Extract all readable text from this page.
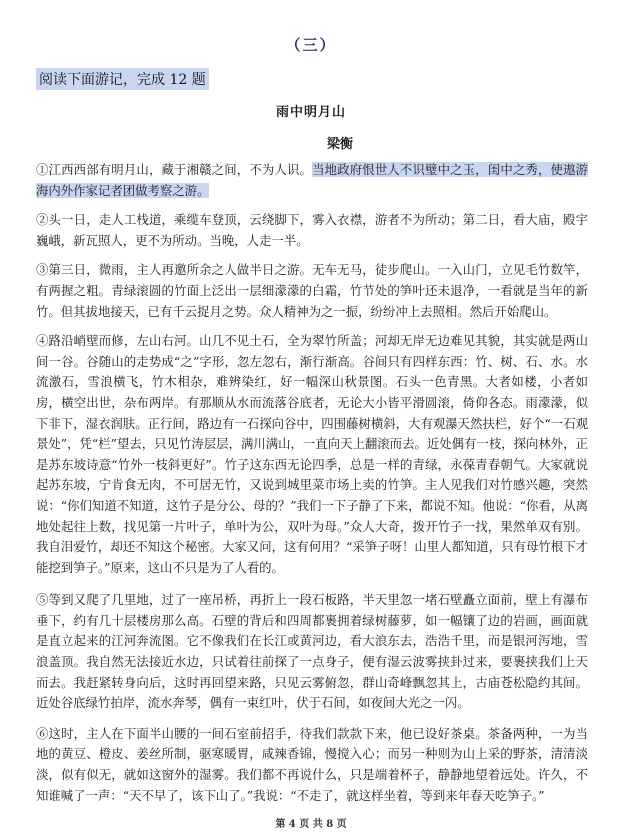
（三）
阅读下面游记，完成 12 题
雨中明月山
梁衡

①江西西部有明月山，藏于湘赣之间，不为人识。当地政府恨世人不识璧中之玉，闺中之秀，使遨游海内外作家记者团做考察之游。

②头一日，走人工栈道，乘缆车登顶，云绕脚下，雾入衣襟，游者不为所动；第二日，看大庙，殿宇巍峨，新瓦照人，更不为所动。当晚，人走一半。

③第三日，微雨，主人再邀所余之人做半日之游。无车无马，徒步爬山。一入山门，立见毛竹数竿，有两握之粗。青绿滚圆的竹面上泛出一层细濛濛的白霜，竹节处的笋叶还未退净，一看就是当年的新竹。但其拔地接天，已有千云捉月之势。众人精神为之一振，纷纷冲上去照相。然后开始爬山。

④路沿峭壁而修，左山右河。山几不见土石，全为翠竹所盖；河却无岸无边难见其貌，其实就是两山间一谷。谷随山的走势成“之”字形，忽左忽右，渐行渐高。谷间只有四样东西：竹、树、石、水。水流激石，雪浪横飞，竹木相杂，难辨染红，好一幅深山秋景图。石头一色青黑。大者如楼，小者如房，横空出世，杂布两岸。有那顺从水而流落谷底者，无论大小皆平滑圆滚，倚仰各态。雨濛濛，似下非下，湿衣润肤。正行间，路边有一石探向谷中，四围藤树横斜，大有观瀑天然扶栏，好个“一石观景处”，凭“栏”望去，只见竹涛层层，满川满山，一直向天上翻滚而去。近处偶有一枝，探向林外，正是苏东坡诗意“竹外一枝斜更好”。竹子这东西无论四季，总是一样的青绿，永葆青春朝气。大家就说起苏东坡，宁肯食无肉，不可居无竹，又说到城里菜市场上卖的竹笋。主人见我们对竹感兴趣，突然说：“你们知道不知道，这竹子是分公、母的？”我们一下子静了下来，都说不知。他说：“你看，从离地处起往上数，找见第一片叶子，单叶为公，双叶为母。”众人大奇，拨开竹子一找，果然单双有别。我自泪爱竹，却还不知这个秘密。大家又问，这有何用？“采笋子呀！山里人都知道，只有母竹根下才能挖到笋子。”原来，这山不只是为了人看的。

⑤等到又爬了几里地，过了一座吊桥，再折上一段石板路，半天里忽一堵石壁矗立面前，壁上有瀑布垂下，约有几十层楼房那么高。石壁的背后和四周都裹拥着绿树藤萝，如一幅镶了边的岩画，画面就是直立起来的江河奔流图。它不像我们在长江或黄河边，看大浪东去，浩浩千里，而是银河泻地，雪浪盖顶。我自然无法接近水边，只试着往前探了一点身子，便有湿云波雾挟卦过来，要裹挟我们上天而去。我赶紧转身向后，这时再回望来路，只见云雾俯忽，群山奇峰飘忽其上，古庙苍松隐约其间。近处谷底绿竹拍岸，流水奔琴，偶有一束红叶，伏于石间，如夜间大光之一闪。

⑥这时，主人在下面半山腰的一间石室前招手，待我们款款下来，他已设好茶桌。茶备两种，一为当地的黄豆、橙皮、姜丝所制，驱寒暖胃，咸辣香锦，慢搅入心；而另一种则为山上采的野茶，清清淡淡，似有似无，就如这窗外的湿雾。我们都不再说什么，只是端着杯子，静静地望着远处。许久，不知谁喊了一声：“天不早了，该下山了。”我说：“不走了，就这样坐着，等到来年春天吃笋子。”

第 4 页 共 8 页
